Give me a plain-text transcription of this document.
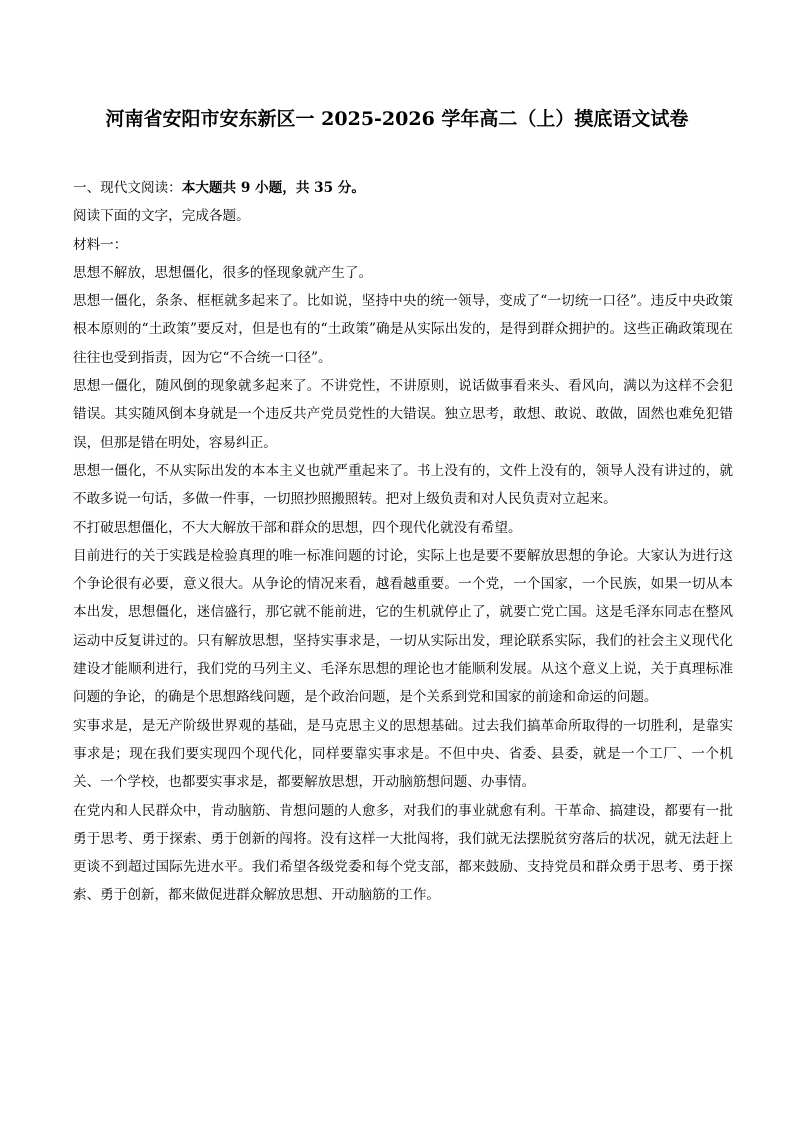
河南省安阳市安东新区一 2025-2026 学年高二（上）摸底语文试卷

一、现代文阅读：本大题共 9 小题，共 35 分。

阅读下面的文字，完成各题。

材料一：

思想不解放，思想僵化，很多的怪现象就产生了。

思想一僵化，条条、框框就多起来了。比如说，坚持中央的统一领导，变成了“一切统一口径”。违反中央政策根本原则的“土政策”要反对，但是也有的“土政策”确是从实际出发的，是得到群众拥护的。这些正确政策现在往往也受到指责，因为它“不合统一口径”。

思想一僵化，随风倒的现象就多起来了。不讲党性，不讲原则，说话做事看来头、看风向，满以为这样不会犯错误。其实随风倒本身就是一个违反共产党员党性的大错误。独立思考，敢想、敢说、敢做，固然也难免犯错误，但那是错在明处，容易纠正。

思想一僵化，不从实际出发的本本主义也就严重起来了。书上没有的，文件上没有的，领导人没有讲过的，就不敢多说一句话，多做一件事，一切照抄照搬照转。把对上级负责和对人民负责对立起来。

不打破思想僵化，不大大解放干部和群众的思想，四个现代化就没有希望。

目前进行的关于实践是检验真理的唯一标准问题的讨论，实际上也是要不要解放思想的争论。大家认为进行这个争论很有必要，意义很大。从争论的情况来看，越看越重要。一个党，一个国家，一个民族，如果一切从本本出发，思想僵化，迷信盛行，那它就不能前进，它的生机就停止了，就要亡党亡国。这是毛泽东同志在整风运动中反复讲过的。只有解放思想，坚持实事求是，一切从实际出发，理论联系实际，我们的社会主义现代化建设才能顺利进行，我们党的马列主义、毛泽东思想的理论也才能顺利发展。从这个意义上说，关于真理标准问题的争论，的确是个思想路线问题，是个政治问题，是个关系到党和国家的前途和命运的问题。

实事求是，是无产阶级世界观的基础，是马克思主义的思想基础。过去我们搞革命所取得的一切胜利，是靠实事求是；现在我们要实现四个现代化，同样要靠实事求是。不但中央、省委、县委，就是一个工厂、一个机关、一个学校，也都要实事求是，都要解放思想，开动脑筋想问题、办事情。

在党内和人民群众中，肯动脑筋、肯想问题的人愈多，对我们的事业就愈有利。干革命、搞建设，都要有一批勇于思考、勇于探索、勇于创新的闯将。没有这样一大批闯将，我们就无法摆脱贫穷落后的状况，就无法赶上更谈不到超过国际先进水平。我们希望各级党委和每个党支部，都来鼓励、支持党员和群众勇于思考、勇于探索、勇于创新，都来做促进群众解放思想、开动脑筋的工作。
